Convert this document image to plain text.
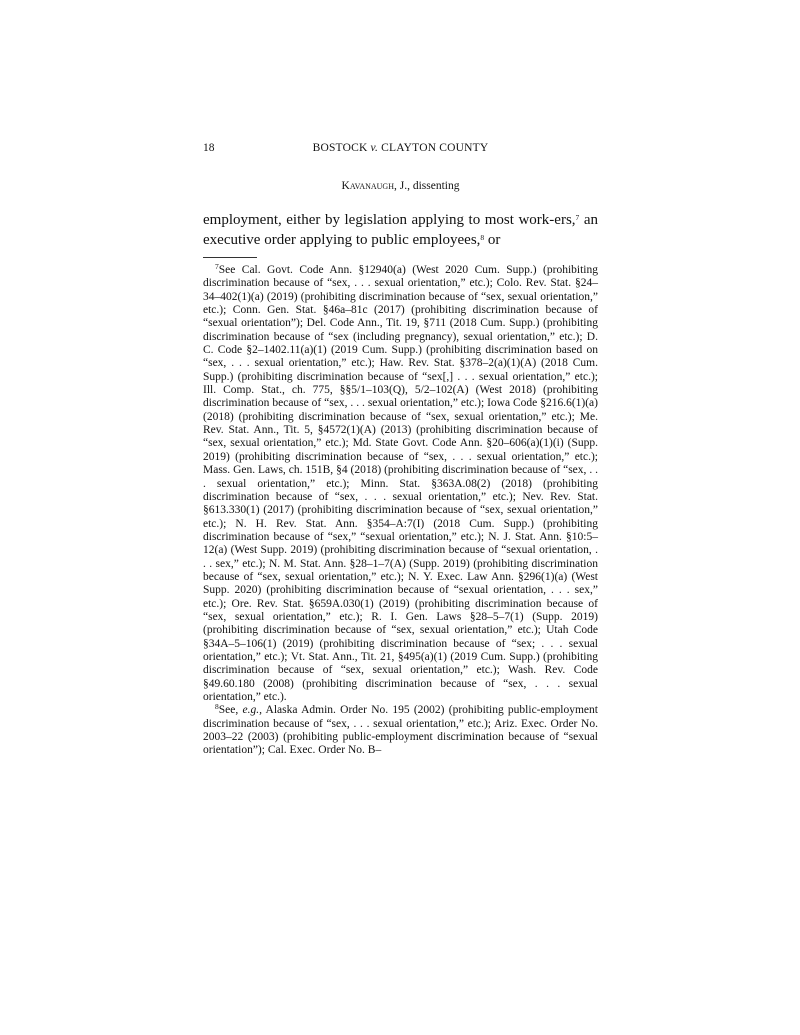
18	BOSTOCK v. CLAYTON COUNTY
Kavanaugh, J., dissenting

employment, either by legislation applying to most work-ers,$^7$ an executive order applying to public employees,$^8$ or

$^7$See Cal. Govt. Code Ann. §12940(a) (West 2020 Cum. Supp.) (prohibiting discrimination because of “sex, . . . sexual orientation,” etc.); Colo. Rev. Stat. §24–34–402(1)(a) (2019) (prohibiting discrimination because of “sex, sexual orientation,” etc.); Conn. Gen. Stat. §46a–81c (2017) (prohibiting discrimination because of “sexual orientation”); Del. Code Ann., Tit. 19, §711 (2018 Cum. Supp.) (prohibiting discrimination because of “sex (including pregnancy), sexual orientation,” etc.); D. C. Code §2–1402.11(a)(1) (2019 Cum. Supp.) (prohibiting discrimination based on “sex, . . . sexual orientation,” etc.); Haw. Rev. Stat. §378–2(a)(1)(A) (2018 Cum. Supp.) (prohibiting discrimination because of “sex[,] . . . sexual orientation,” etc.); Ill. Comp. Stat., ch. 775, §§5/1–103(Q), 5/2–102(A) (West 2018) (prohibiting discrimination because of “sex, . . . sexual orientation,” etc.); Iowa Code §216.6(1)(a) (2018) (prohibiting discrimination because of “sex, sexual orientation,” etc.); Me. Rev. Stat. Ann., Tit. 5, §4572(1)(A) (2013) (prohibiting discrimination because of “sex, sexual orientation,” etc.); Md. State Govt. Code Ann. §20–606(a)(1)(i) (Supp. 2019) (prohibiting discrimination because of “sex, . . . sexual orientation,” etc.); Mass. Gen. Laws, ch. 151B, §4 (2018) (prohibiting discrimination because of “sex, . . . sexual orientation,” etc.); Minn. Stat. §363A.08(2) (2018) (prohibiting discrimination because of “sex, . . . sexual orientation,” etc.); Nev. Rev. Stat. §613.330(1) (2017) (prohibiting discrimination because of “sex, sexual orientation,” etc.); N. H. Rev. Stat. Ann. §354–A:7(I) (2018 Cum. Supp.) (prohibiting discrimination because of “sex,” “sexual orientation,” etc.); N. J. Stat. Ann. §10:5–12(a) (West Supp. 2019) (prohibiting discrimination because of “sexual orientation, . . . sex,” etc.); N. M. Stat. Ann. §28–1–7(A) (Supp. 2019) (prohibiting discrimination because of “sex, sexual orientation,” etc.); N. Y. Exec. Law Ann. §296(1)(a) (West Supp. 2020) (prohibiting discrimination because of “sexual orientation, . . . sex,” etc.); Ore. Rev. Stat. §659A.030(1) (2019) (prohibiting discrimination because of “sex, sexual orientation,” etc.); R. I. Gen. Laws §28–5–7(1) (Supp. 2019) (prohibiting discrimination because of “sex, sexual orientation,” etc.); Utah Code §34A–5–106(1) (2019) (prohibiting discrimination because of “sex; . . . sexual orientation,” etc.); Vt. Stat. Ann., Tit. 21, §495(a)(1) (2019 Cum. Supp.) (prohibiting discrimination because of “sex, sexual orientation,” etc.); Wash. Rev. Code §49.60.180 (2008) (prohibiting discrimination because of “sex, . . . sexual orientation,” etc.).

$^8$See, e.g., Alaska Admin. Order No. 195 (2002) (prohibiting public-employment discrimination because of “sex, . . . sexual orientation,” etc.); Ariz. Exec. Order No. 2003–22 (2003) (prohibiting public-employment discrimination because of “sexual orientation”); Cal. Exec. Order No. B–
